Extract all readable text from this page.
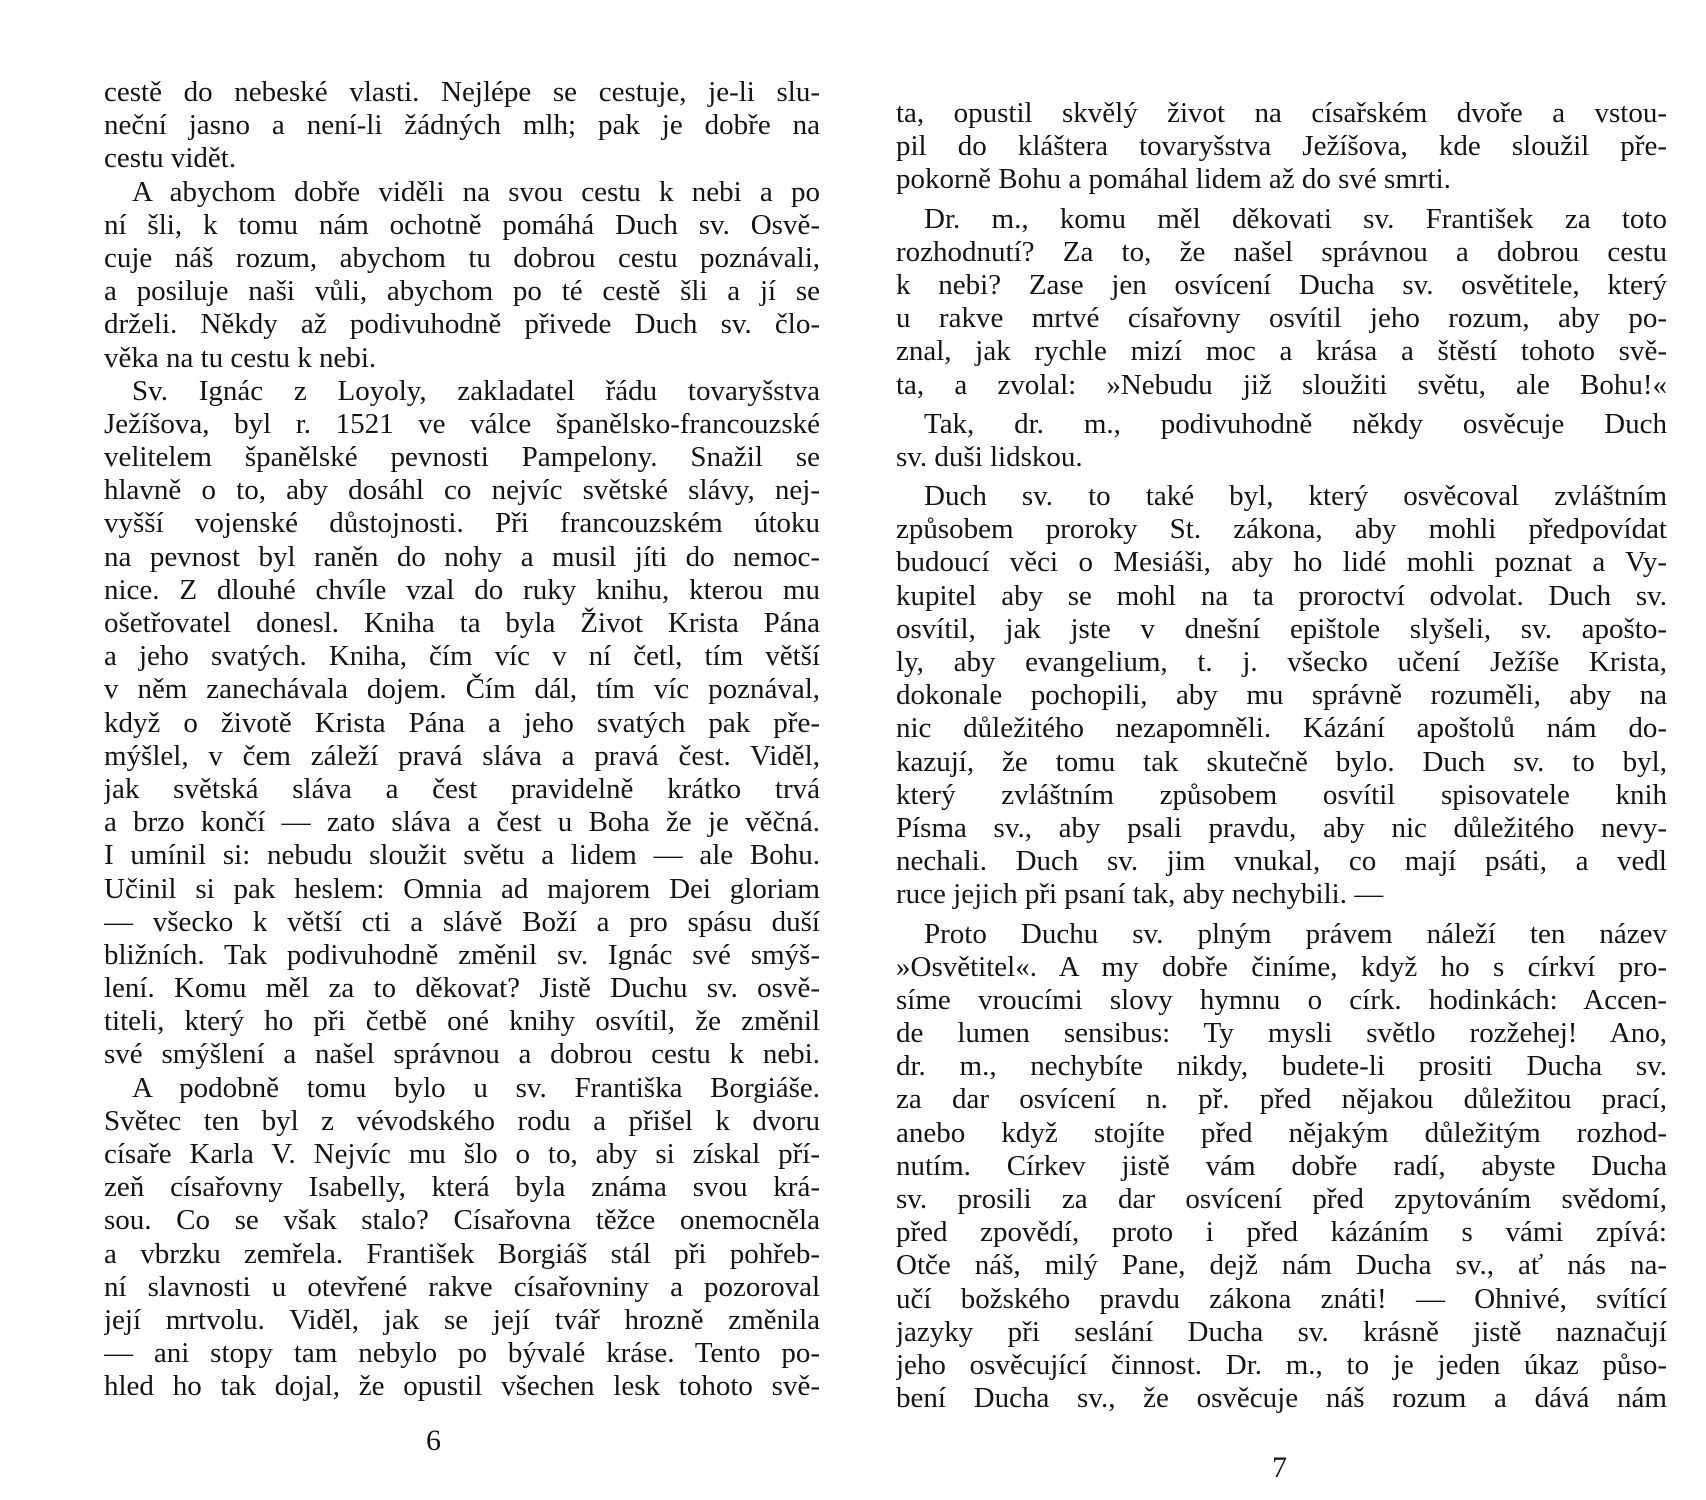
cestě do nebeské vlasti. Nejlépe se cestuje, je-li slu-
neční jasno a není-li žádných mlh; pak je dobře na
cestu vidět.
A abychom dobře viděli na svou cestu k nebi a po
ní šli, k tomu nám ochotně pomáhá Duch sv. Osvě-
cuje náš rozum, abychom tu dobrou cestu poznávali,
a posiluje naši vůli, abychom po té cestě šli a jí se
drželi. Někdy až podivuhodně přivede Duch sv. člo-
věka na tu cestu k nebi.
Sv. Ignác z Loyoly, zakladatel řádu tovaryšstva
Ježíšova, byl r. 1521 ve válce španělsko-francouzské
velitelem španělské pevnosti Pampelony. Snažil se
hlavně o to, aby dosáhl co nejvíc světské slávy, nej-
vyšší vojenské důstojnosti. Při francouzském útoku
na pevnost byl raněn do nohy a musil jíti do nemoc-
nice. Z dlouhé chvíle vzal do ruky knihu, kterou mu
ošetřovatel donesl. Kniha ta byla Život Krista Pána
a jeho svatých. Kniha, čím víc v ní četl, tím větší
v něm zanechávala dojem. Čím dál, tím víc poznával,
když o životě Krista Pána a jeho svatých pak pře-
mýšlel, v čem záleží pravá sláva a pravá čest. Viděl,
jak světská sláva a čest pravidelně krátko trvá
a brzo končí — zato sláva a čest u Boha že je věčná.
I umínil si: nebudu sloužit světu a lidem — ale Bohu.
Učinil si pak heslem: Omnia ad majorem Dei gloriam
— všecko k větší cti a slávě Boží a pro spásu duší
bližních. Tak podivuhodně změnil sv. Ignác své smýš-
lení. Komu měl za to děkovat? Jistě Duchu sv. osvě-
titeli, který ho při četbě oné knihy osvítil, že změnil
své smýšlení a našel správnou a dobrou cestu k nebi.
A podobně tomu bylo u sv. Františka Borgiáše.
Světec ten byl z vévodského rodu a přišel k dvoru
císaře Karla V. Nejvíc mu šlo o to, aby si získal pří-
zeň císařovny Isabelly, která byla známa svou krá-
sou. Co se však stalo? Císařovna těžce onemocněla
a vbrzku zemřela. František Borgiáš stál při pohřeb-
ní slavnosti u otevřené rakve císařovniny a pozoroval
její mrtvolu. Viděl, jak se její tvář hrozně změnila
— ani stopy tam nebylo po bývalé kráse. Tento po-
hled ho tak dojal, že opustil všechen lesk tohoto svě-
ta, opustil skvělý život na císařském dvoře a vstou-
pil do kláštera tovaryšstva Ježíšova, kde sloužil pře-
pokorně Bohu a pomáhal lidem až do své smrti.
Dr. m., komu měl děkovati sv. František za toto
rozhodnutí? Za to, že našel správnou a dobrou cestu
k nebi? Zase jen osvícení Ducha sv. osvětitele, který
u rakve mrtvé císařovny osvítil jeho rozum, aby po-
znal, jak rychle mizí moc a krása a štěstí tohoto svě-
ta, a zvolal: »Nebudu již sloužiti světu, ale Bohu!«
Tak, dr. m., podivuhodně někdy osvěcuje Duch
sv. duši lidskou.
Duch sv. to také byl, který osvěcoval zvláštním
způsobem proroky St. zákona, aby mohli předpovídat
budoucí věci o Mesiáši, aby ho lidé mohli poznat a Vy-
kupitel aby se mohl na ta proroctví odvolat. Duch sv.
osvítil, jak jste v dnešní epištole slyšeli, sv. apošto-
ly, aby evangelium, t. j. všecko učení Ježíše Krista,
dokonale pochopili, aby mu správně rozuměli, aby na
nic důležitého nezapomněli. Kázání apoštolů nám do-
kazují, že tomu tak skutečně bylo. Duch sv. to byl,
který zvláštním způsobem osvítil spisovatele knih
Písma sv., aby psali pravdu, aby nic důležitého nevy-
nechali. Duch sv. jim vnukal, co mají psáti, a vedl
ruce jejich při psaní tak, aby nechybili. —
Proto Duchu sv. plným právem náleží ten název
»Osvětitel«. A my dobře činíme, když ho s církví pro-
síme vroucími slovy hymnu o círk. hodinkách: Accen-
de lumen sensibus: Ty mysli světlo rozžehej! Ano,
dr. m., nechybíte nikdy, budete-li prositi Ducha sv.
za dar osvícení n. př. před nějakou důležitou prací,
anebo když stojíte před nějakým důležitým rozhod-
nutím. Církev jistě vám dobře radí, abyste Ducha
sv. prosili za dar osvícení před zpytováním svědomí,
před zpovědí, proto i před kázáním s vámi zpívá:
Otče náš, milý Pane, dejž nám Ducha sv., ať nás na-
učí božského pravdu zákona znáti! — Ohnivé, svítící
jazyky při seslání Ducha sv. krásně jistě naznačují
jeho osvěcující činnost. Dr. m., to je jeden úkaz půso-
bení Ducha sv., že osvěcuje náš rozum a dává nám
6
7
